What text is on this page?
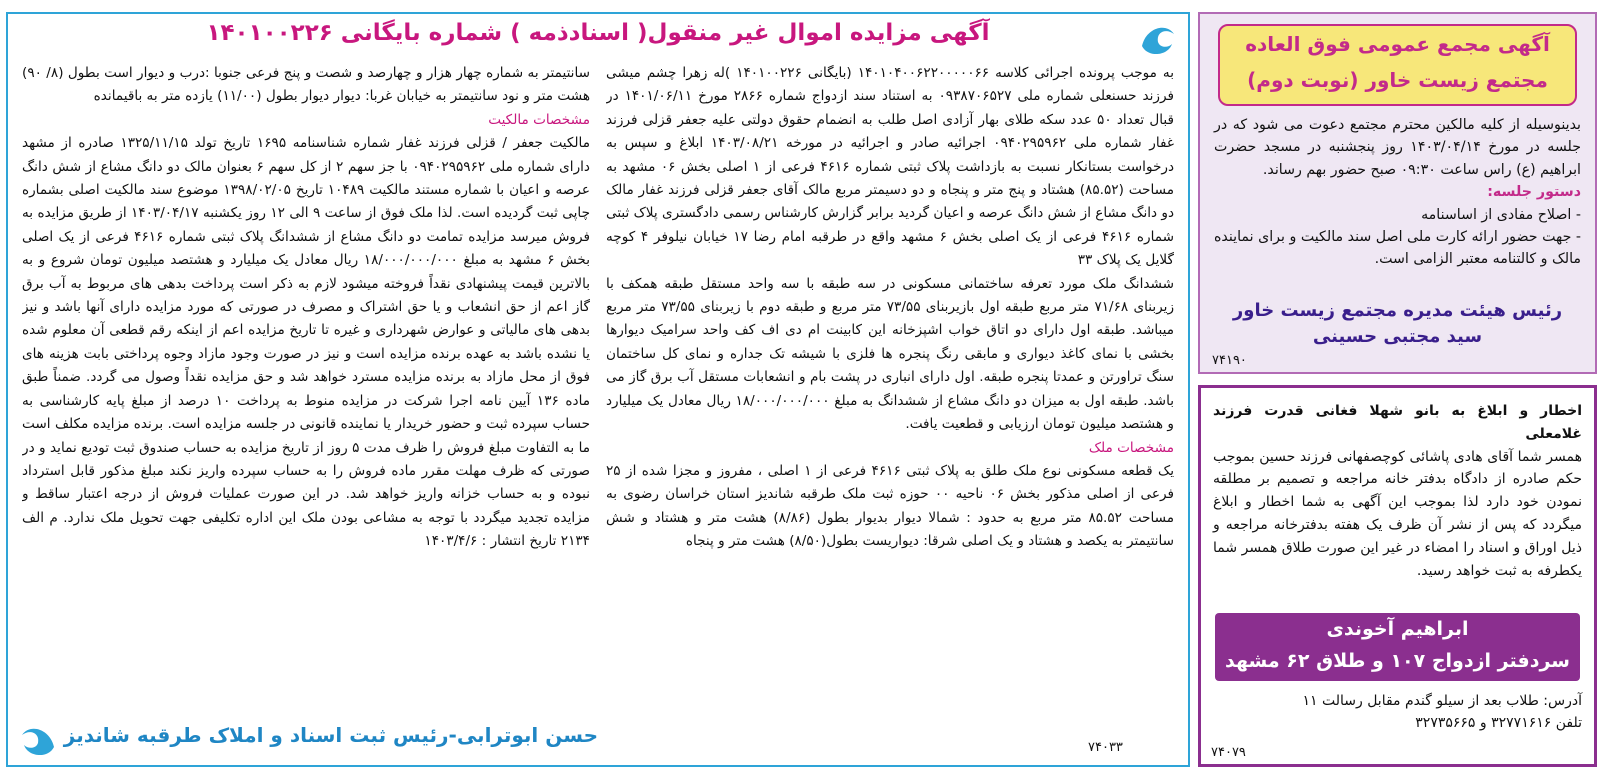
آگهی مزایده اموال غیر منقول( اسنادذمه ) شماره بایگانی ۱۴۰۱۰۰۲۲۶

به موجب پرونده اجرائی کلاسه ۱۴۰۱۰۴۰۰۶۲۲۰۰۰۰۰۶۶ (بایگانی ۱۴۰۱۰۰۲۲۶ )له زهرا چشم میشی فرزند حسنعلی شماره ملی ۰۹۳۸۷۰۶۵۲۷ به استناد سند ازدواج شماره ۲۸۶۶ مورخ ۱۴۰۱/۰۶/۱۱ در قبال تعداد ۵۰ عدد سکه طلای بهار آزادی اصل طلب به انضمام حقوق دولتی علیه جعفر قزلی فرزند غفار شماره ملی ۰۹۴۰۲۹۵۹۶۲ اجرائیه صادر و اجرائیه در مورخه ۱۴۰۳/۰۸/۲۱ ابلاغ و سپس به درخواست بستانکار نسبت به بازداشت پلاک ثبتی شماره ۴۶۱۶ فرعی از ۱ اصلی بخش ۰۶ مشهد به مساحت (۸۵.۵۲) هشتاد و پنج متر و پنجاه و دو دسیمتر مربع مالک آقای جعفر قزلی فرزند غفار مالک دو دانگ مشاع از شش دانگ عرصه و اعیان گردید برابر گزارش کارشناس رسمی دادگستری پلاک ثبتی شماره ۴۶۱۶ فرعی از یک اصلی بخش ۶ مشهد واقع در طرقبه امام رضا ۱۷ خیابان نیلوفر ۴ کوچه گلایل یک پلاک ۳۳

ششدانگ ملک مورد تعرفه ساختمانی مسکونی در سه طبقه با سه واحد مستقل طبقه همکف با زیربنای ۷۱/۶۸ متر مربع طبقه اول بازیربنای ۷۳/۵۵ متر مربع و طبقه دوم با زیربنای ۷۳/۵۵ متر مربع میباشد. طبقه اول دارای دو اتاق خواب اشپزخانه این کابینت ام دی اف کف واحد سرامیک دیوارها بخشی با نمای کاغذ دیواری و مابقی رنگ پنجره ها فلزی با شیشه تک جداره و نمای کل ساختمان سنگ تراورتن و عمدتا پنجره طبقه. اول دارای انباری در پشت بام و انشعابات مستقل آب برق گاز می باشد. طبقه اول به میزان دو دانگ مشاع از ششدانگ به مبلغ ۱۸/۰۰۰/۰۰۰/۰۰۰ ریال معادل یک میلیارد و هشتصد میلیون تومان ارزیابی و قطعیت یافت.

مشخصات ملک

یک قطعه مسکونی نوع ملک طلق به پلاک ثبتی ۴۶۱۶ فرعی از ۱ اصلی ، مفروز و مجزا شده از ۲۵ فرعی از اصلی مذکور بخش ۰۶ ناحیه ۰۰ حوزه ثبت ملک طرقبه شاندیز استان خراسان رضوی به مساحت ۸۵.۵۲ متر مربع به حدود : شمالا دیوار بدیوار بطول (۸/۸۶) هشت متر و هشتاد و شش سانتیمتر به یکصد و هشتاد و یک اصلی شرقا: دیواریست بطول(۸/۵۰) هشت متر و پنجاه

سانتیمتر به شماره چهار هزار و چهارصد و شصت و پنج فرعی جنوبا :درب و دیوار است بطول (۸/ ۹۰) هشت متر و نود سانتیمتر به خیابان غربا: دیوار دیوار بطول (۱۱/۰۰) یازده متر به باقیمانده

مشخصات مالکیت

مالکیت جعفر / قزلی فرزند غفار شماره شناسنامه ۱۶۹۵ تاریخ تولد ۱۳۲۵/۱۱/۱۵ صادره از مشهد دارای شماره ملی ۰۹۴۰۲۹۵۹۶۲ با جز سهم ۲ از کل سهم ۶ بعنوان مالک دو دانگ مشاع از شش دانگ عرصه و اعیان با شماره مستند مالکیت ۱۰۴۸۹ تاریخ ۱۳۹۸/۰۲/۰۵ موضوع سند مالکیت اصلی بشماره چاپی ثبت گردیده است. لذا ملک فوق از ساعت ۹ الی ۱۲ روز یکشنبه ۱۴۰۳/۰۴/۱۷ از طریق مزایده به فروش میرسد مزایده تمامت دو دانگ مشاع از ششدانگ پلاک ثبتی شماره ۴۶۱۶ فرعی از یک اصلی بخش ۶ مشهد به مبلغ ۱۸/۰۰۰/۰۰۰/۰۰۰ ریال معادل یک میلیارد و هشتصد میلیون تومان شروع و به بالاترین قیمت پیشنهادی نقداً فروخته میشود لازم به ذکر است پرداخت بدهی های مربوط به آب برق گاز اعم از حق انشعاب و یا حق اشتراک و مصرف در صورتی که مورد مزایده دارای آنها باشد و نیز بدهی های مالیاتی و عوارض شهرداری و غیره تا تاریخ مزایده اعم از اینکه رقم قطعی آن معلوم شده یا نشده باشد به عهده برنده مزایده است و نیز در صورت وجود مازاد وجوه پرداختی بابت هزینه های فوق از محل مازاد به برنده مزایده مسترد خواهد شد و حق مزایده نقداً وصول می گردد. ضمناً طبق ماده ۱۳۶ آیین نامه اجرا شرکت در مزایده منوط به پرداخت ۱۰ درصد از مبلغ پایه کارشناسی به حساب سپرده ثبت و حضور خریدار یا نماینده قانونی در جلسه مزایده است. برنده مزایده مکلف است ما به التفاوت مبلغ فروش را ظرف مدت ۵ روز از تاریخ مزایده به حساب صندوق ثبت تودیع نماید و در صورتی که ظرف مهلت مقرر ماده فروش را به حساب سپرده واریز نکند مبلغ مذکور قابل استرداد نبوده و به حساب خزانه واریز خواهد شد. در این صورت عملیات فروش از درجه اعتبار ساقط و مزایده تجدید میگردد با توجه به مشاعی بودن ملک این اداره تکلیفی جهت تحویل ملک ندارد. م الف ۲۱۳۴ تاریخ انتشار : ۱۴۰۳/۴/۶

حسن ابوترابی-رئیس ثبت اسناد و املاک طرقبه شاندیز
۷۴۰۳۳
آگهی مجمع عمومی فوق العاده
مجتمع زیست خاور (نوبت دوم)

بدینوسیله از کلیه مالکین محترم مجتمع دعوت می شود که در جلسه در مورخ ۱۴۰۳/۰۴/۱۴ روز پنجشنبه در مسجد حضرت ابراهیم (ع) راس ساعت ۰۹:۳۰ صبح حضور بهم رساند.

دستور جلسه:

- اصلاح مفادی از اساسنامه

- جهت حضور ارائه کارت ملی اصل سند مالکیت و برای نماینده مالک و کالتنامه معتبر الزامی است.

رئیس هیئت مدیره مجتمع زیست خاور
سید مجتبی حسینی
۷۴۱۹۰

اخطار و ابلاغ به بانو شهلا فغانی قدرت فرزند غلامعلی

همسر شما آقای هادی پاشائی کوچصفهانی فرزند حسین بموجب حکم صادره از دادگاه بدفتر خانه مراجعه و تصمیم بر مطلقه نمودن خود دارد لذا بموجب این آگهی به شما اخطار و ابلاغ میگردد که پس از نشر آن ظرف یک هفته بدفترخانه مراجعه و ذیل اوراق و اسناد را امضاء در غیر این صورت طلاق همسر شما یکطرفه به ثبت خواهد رسید.

ابراهیم آخوندی
سردفتر ازدواج ۱۰۷ و طلاق ۶۲ مشهد
آدرس: طلاب بعد از سیلو گندم مقابل رسالت ۱۱
تلفن ۳۲۷۷۱۶۱۶ و ۳۲۷۳۵۶۶۵
۷۴۰۷۹
